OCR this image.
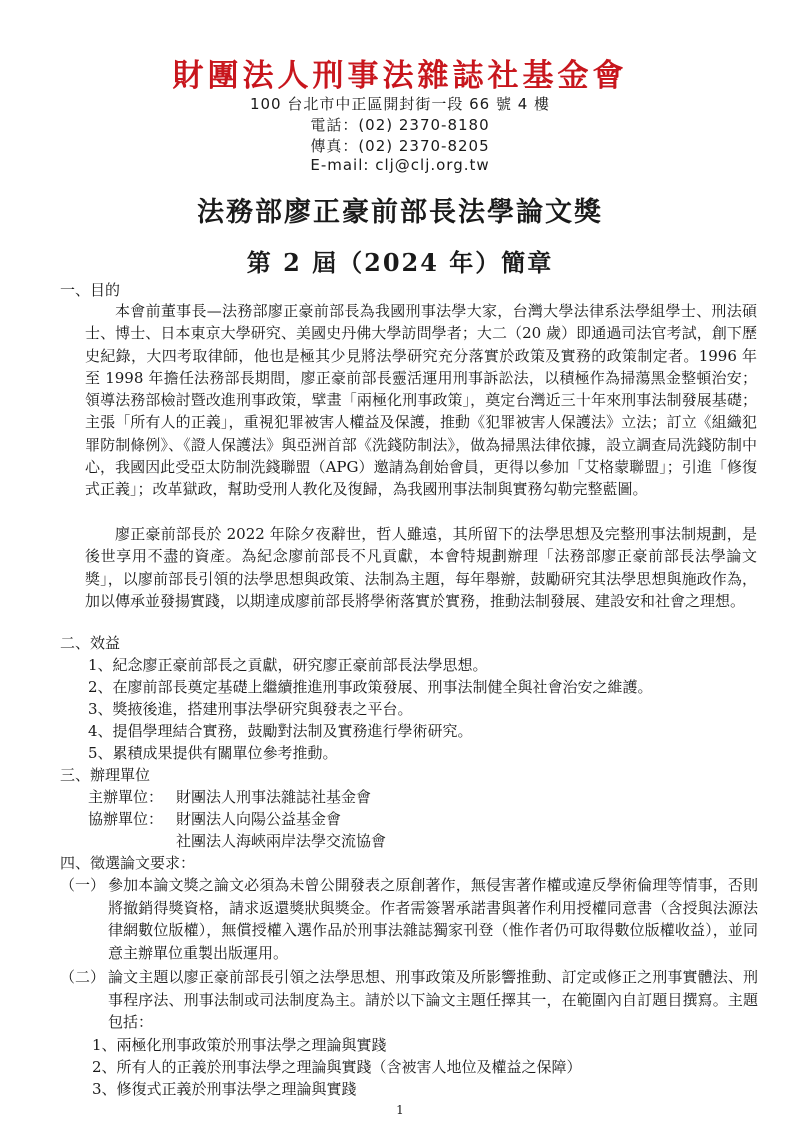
財團法人刑事法雜誌社基金會
100 台北市中正區開封街一段 66 號 4 樓
電話：(02) 2370-8180
傳真：(02) 2370-8205
E-mail: clj@clj.org.tw
法務部廖正豪前部長法學論文獎
第 2 屆（2024 年）簡章
一、目的
本會前董事長—法務部廖正豪前部長為我國刑事法學大家，台灣大學法律系法學組學士、刑法碩士、博士、日本東京大學研究、美國史丹佛大學訪問學者；大二（20 歲）即通過司法官考試，創下歷史紀錄，大四考取律師，他也是極其少見將法學研究充分落實於政策及實務的政策制定者。1996 年至 1998 年擔任法務部長期間，廖正豪前部長靈活運用刑事訴訟法，以積極作為掃蕩黑金整頓治安；領導法務部檢討暨改進刑事政策，擘畫「兩極化刑事政策」，奠定台灣近三十年來刑事法制發展基礎；主張「所有人的正義」，重視犯罪被害人權益及保護，推動《犯罪被害人保護法》立法；訂立《組織犯罪防制條例》、《證人保護法》與亞洲首部《洗錢防制法》，做為掃黑法律依據，設立調查局洗錢防制中心，我國因此受亞太防制洗錢聯盟（APG）邀請為創始會員，更得以參加「艾格蒙聯盟」；引進「修復式正義」；改革獄政，幫助受刑人教化及復歸，為我國刑事法制與實務勾勒完整藍圖。
廖正豪前部長於 2022 年除夕夜辭世，哲人雖遠，其所留下的法學思想及完整刑事法制規劃，是後世享用不盡的資產。為紀念廖前部長不凡貢獻，本會特規劃辦理「法務部廖正豪前部長法學論文獎」，以廖前部長引領的法學思想與政策、法制為主題，每年舉辦，鼓勵研究其法學思想與施政作為，加以傳承並發揚實踐，以期達成廖前部長將學術落實於實務，推動法制發展、建設安和社會之理想。
二、效益
1、紀念廖正豪前部長之貢獻，研究廖正豪前部長法學思想。
2、在廖前部長奠定基礎上繼續推進刑事政策發展、刑事法制健全與社會治安之維護。
3、獎掖後進，搭建刑事法學研究與發表之平台。
4、提倡學理結合實務，鼓勵對法制及實務進行學術研究。
5、累積成果提供有關單位參考推動。
三、辦理單位
主辦單位： 財團法人刑事法雜誌社基金會
協辦單位： 財團法人向陽公益基金會
社團法人海峽兩岸法學交流協會
四、徵選論文要求：
（一） 參加本論文獎之論文必須為未曾公開發表之原創著作，無侵害著作權或違反學術倫理等情事，否則將撤銷得獎資格，請求返還獎狀與獎金。作者需簽署承諾書與著作利用授權同意書（含授與法源法律網數位版權），無償授權入選作品於刑事法雜誌獨家刊登（惟作者仍可取得數位版權收益），並同意主辦單位重製出版運用。
（二） 論文主題以廖正豪前部長引領之法學思想、刑事政策及所影響推動、訂定或修正之刑事實體法、刑事程序法、刑事法制或司法制度為主。請於以下論文主題任擇其一，在範圍內自訂題目撰寫。主題包括：
1、兩極化刑事政策於刑事法學之理論與實踐
2、所有人的正義於刑事法學之理論與實踐（含被害人地位及權益之保障）
3、修復式正義於刑事法學之理論與實踐
1
